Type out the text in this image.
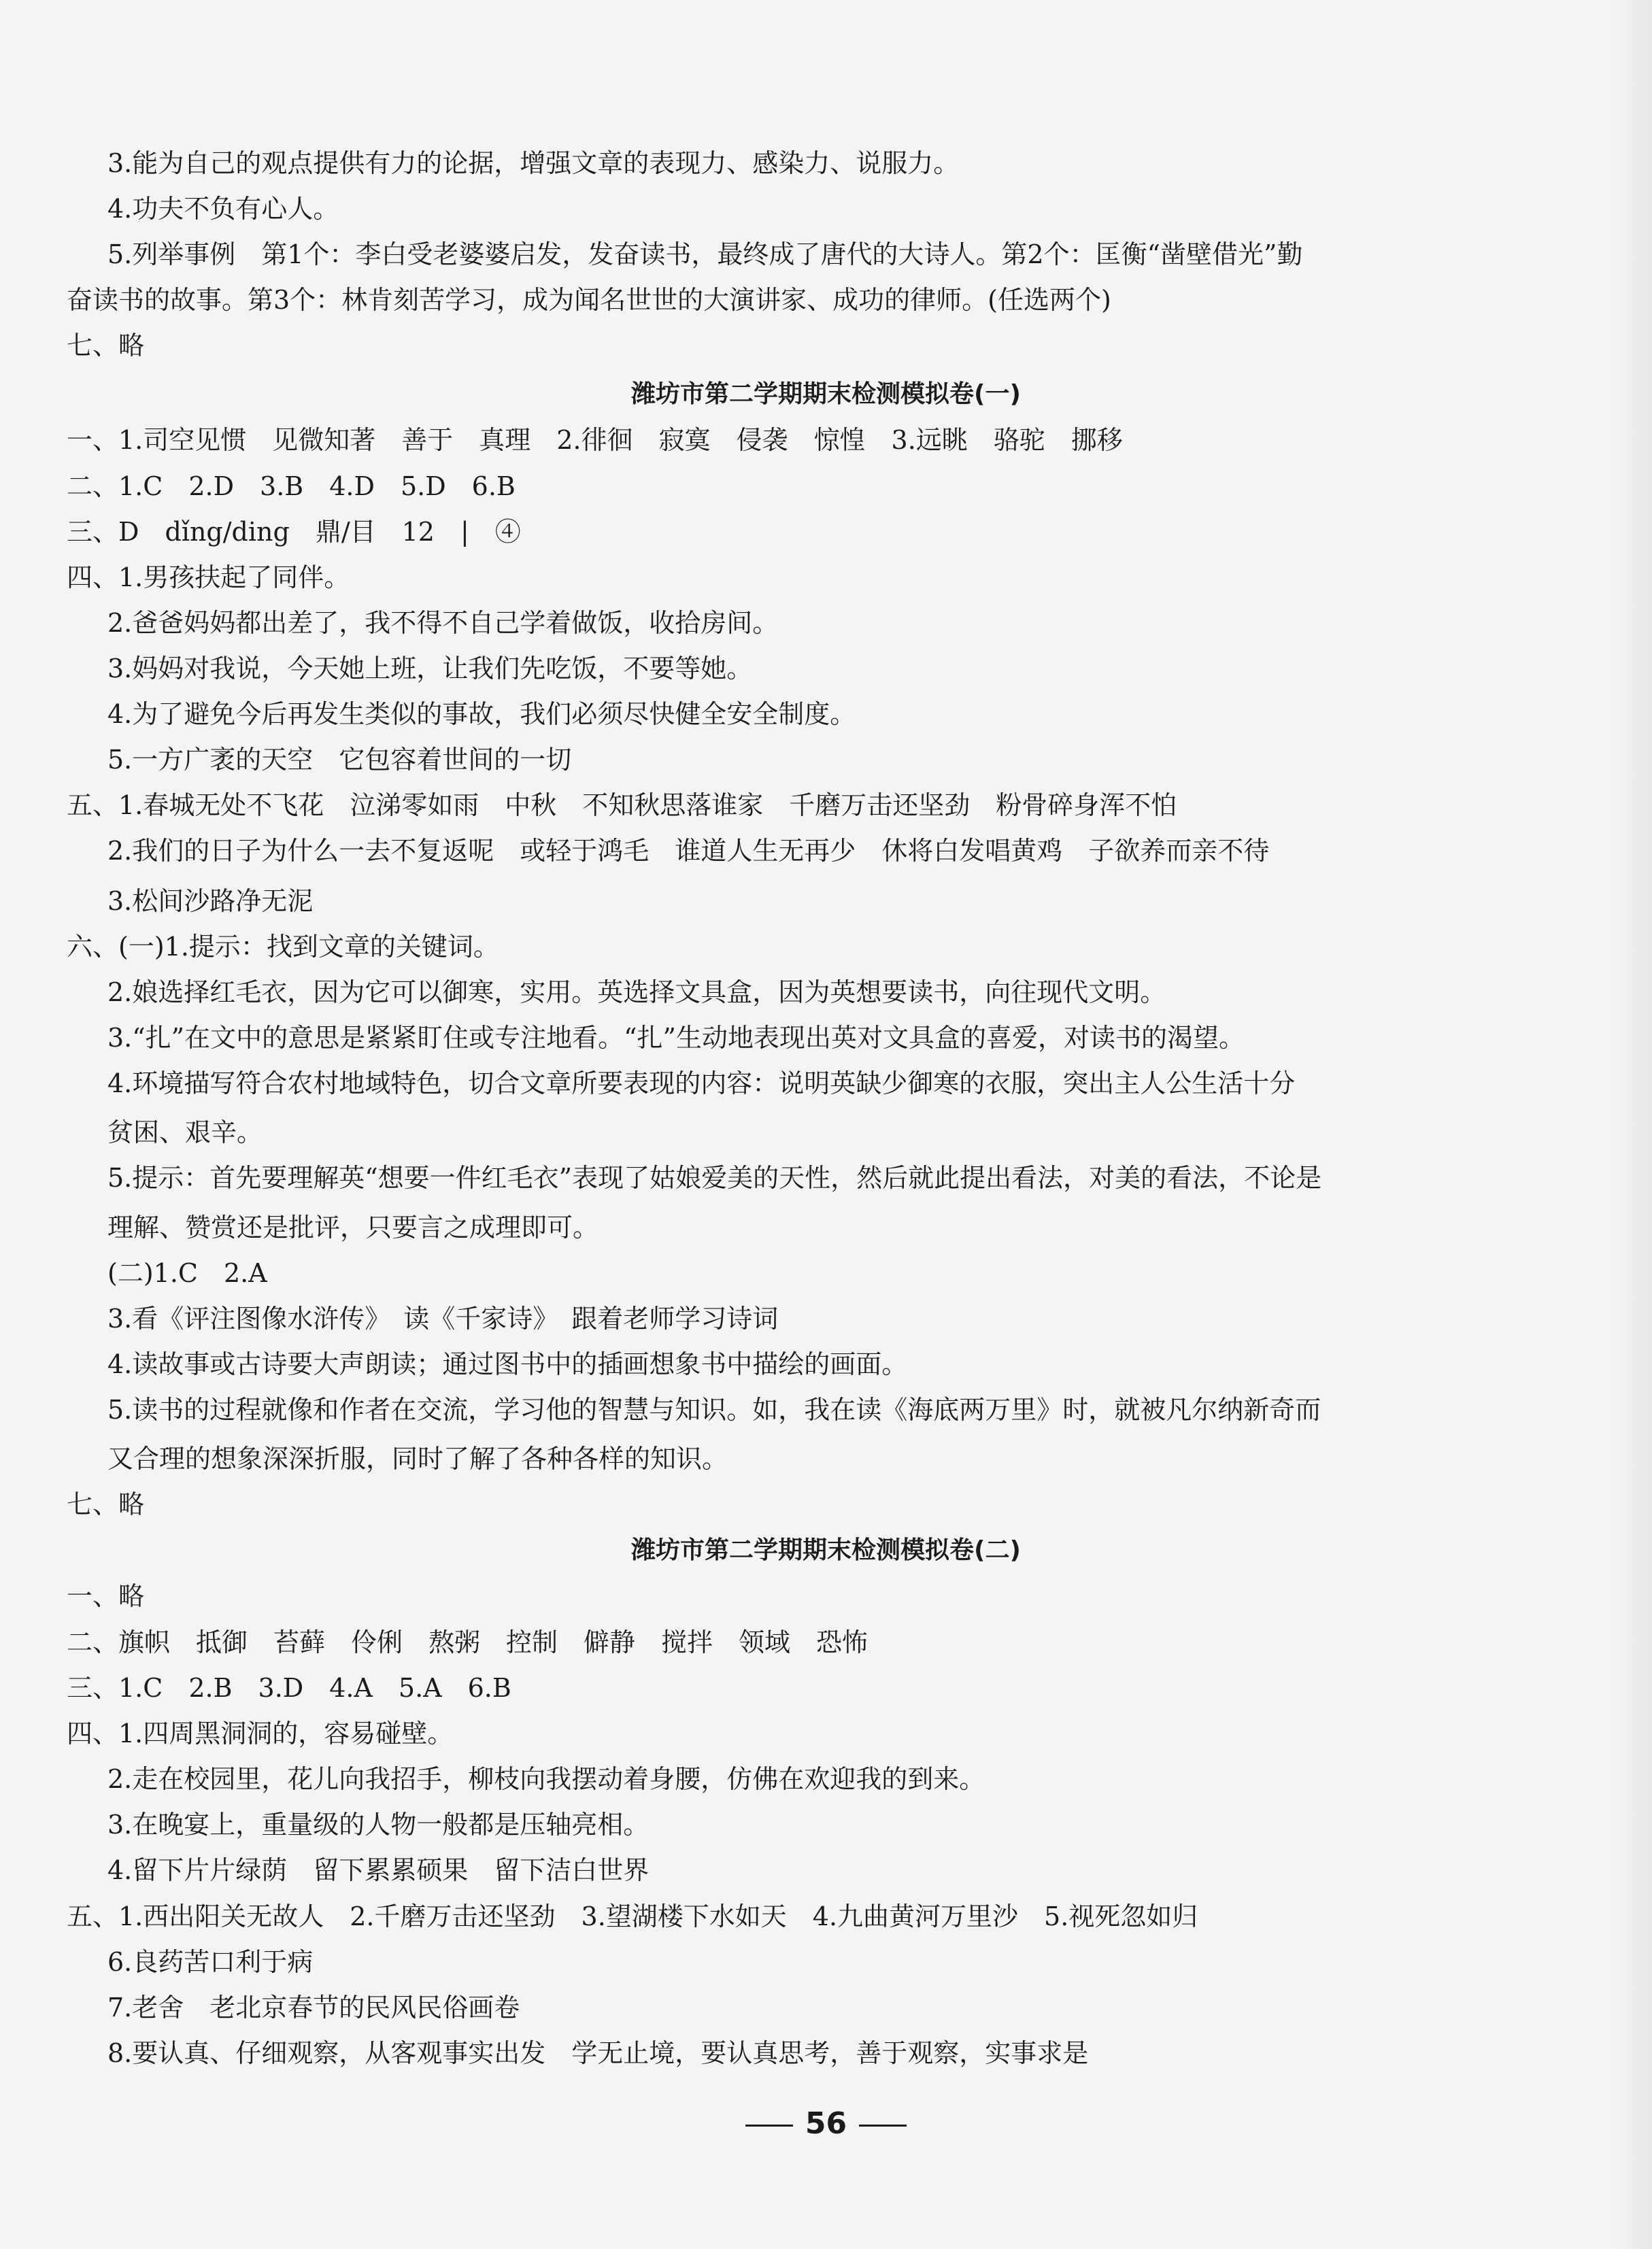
3.能为自己的观点提供有力的论据，增强文章的表现力、感染力、说服力。
4.功夫不负有心人。
5.列举事例　第1个：李白受老婆婆启发，发奋读书，最终成了唐代的大诗人。第2个：匡衡“凿壁借光”勤
奋读书的故事。第3个：林肯刻苦学习，成为闻名世世的大演讲家、成功的律师。(任选两个)
七、略
潍坊市第二学期期末检测模拟卷(一)
一、1.司空见惯　见微知著　善于　真理　2.徘徊　寂寞　侵袭　惊惶　3.远眺　骆驼　挪移
二、1.C　2.D　3.B　4.D　5.D　6.B
三、D　dǐng/ding　鼎/目　12　|　④
四、1.男孩扶起了同伴。
2.爸爸妈妈都出差了，我不得不自己学着做饭，收拾房间。
3.妈妈对我说，今天她上班，让我们先吃饭，不要等她。
4.为了避免今后再发生类似的事故，我们必须尽快健全安全制度。
5.一方广袤的天空　它包容着世间的一切
五、1.春城无处不飞花　泣涕零如雨　中秋　不知秋思落谁家　千磨万击还坚劲　粉骨碎身浑不怕
2.我们的日子为什么一去不复返呢　或轻于鸿毛　谁道人生无再少　休将白发唱黄鸡　子欲养而亲不待
3.松间沙路净无泥
六、(一)1.提示：找到文章的关键词。
2.娘选择红毛衣，因为它可以御寒，实用。英选择文具盒，因为英想要读书，向往现代文明。
3.“扎”在文中的意思是紧紧盯住或专注地看。“扎”生动地表现出英对文具盒的喜爱，对读书的渴望。
4.环境描写符合农村地域特色，切合文章所要表现的内容：说明英缺少御寒的衣服，突出主人公生活十分
贫困、艰辛。
5.提示：首先要理解英“想要一件红毛衣”表现了姑娘爱美的天性，然后就此提出看法，对美的看法，不论是
理解、赞赏还是批评，只要言之成理即可。
(二)1.C　2.A
3.看《评注图像水浒传》　读《千家诗》　跟着老师学习诗词
4.读故事或古诗要大声朗读；通过图书中的插画想象书中描绘的画面。
5.读书的过程就像和作者在交流，学习他的智慧与知识。如，我在读《海底两万里》时，就被凡尔纳新奇而
又合理的想象深深折服，同时了解了各种各样的知识。
七、略
潍坊市第二学期期末检测模拟卷(二)
一、略
二、旗帜　抵御　苔藓　伶俐　熬粥　控制　僻静　搅拌　领域　恐怖
三、1.C　2.B　3.D　4.A　5.A　6.B
四、1.四周黑洞洞的，容易碰壁。
2.走在校园里，花儿向我招手，柳枝向我摆动着身腰，仿佛在欢迎我的到来。
3.在晚宴上，重量级的人物一般都是压轴亮相。
4.留下片片绿荫　留下累累硕果　留下洁白世界
五、1.西出阳关无故人　2.千磨万击还坚劲　3.望湖楼下水如天　4.九曲黄河万里沙　5.视死忽如归
6.良药苦口利于病
7.老舍　老北京春节的民风民俗画卷
8.要认真、仔细观察，从客观事实出发　学无止境，要认真思考，善于观察，实事求是
56
